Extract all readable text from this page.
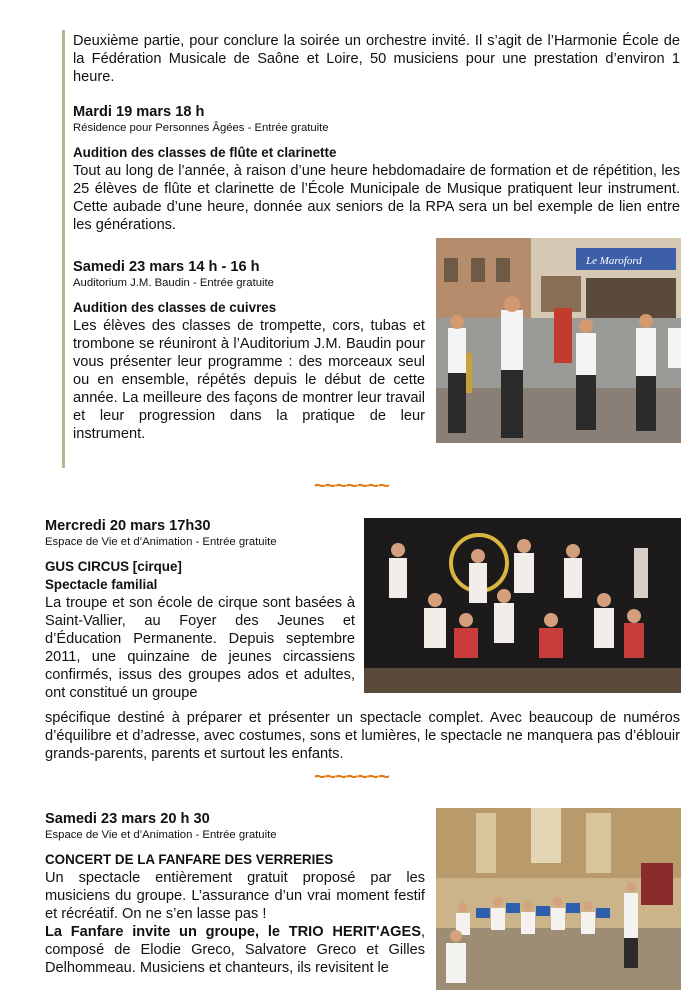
Deuxième partie, pour conclure la soirée un orchestre invité. Il s’agit de l’Harmonie École de la Fédération Musicale de Saône et Loire, 50 musiciens pour une prestation d’environ 1 heure.

Mardi 19 mars 18 h

Résidence pour Personnes Âgées - Entrée gratuite

Audition des classes de flûte et clarinette

Tout au long de l’année, à raison d’une heure hebdomadaire de formation et de répétition, les 25 élèves de flûte et clarinette de l’École Municipale de Musique pratiquent leur instrument. Cette aubade d’une heure, donnée aux seniors de la RPA sera un bel exemple de lien entre les générations.

Samedi 23 mars 14 h - 16 h

Auditorium J.M. Baudin - Entrée gratuite

Audition des classes de cuivres

Les élèves des classes de trompette, cors, tubas et trombone se réuniront à l’Auditorium J.M. Baudin pour vous présenter leur programme : des morceaux seul ou en ensemble, répétés depuis le début de cette année. La meilleure des façons de montrer leur travail et leur progression dans la pratique de leur instrument.

Le Maroford
~~~~~~~

Mercredi 20 mars 17h30

Espace de Vie et d’Animation - Entrée gratuite

GUS CIRCUS [cirque]

Spectacle familial

La troupe et son école de cirque sont basées à Saint-Vallier, au Foyer des Jeunes et d’Éducation Permanente. Depuis septembre 2011, une quinzaine de jeunes circassiens confirmés, issus des groupes ados et adultes, ont constitué un groupe

spécifique destiné à préparer et présenter un spectacle complet. Avec beaucoup de numéros d’équilibre et d’adresse, avec costumes, sons et lumières, le spectacle ne manquera pas d’éblouir grands-parents, parents et surtout les enfants.

~~~~~~~

Samedi 23 mars 20 h 30

Espace de Vie et d’Animation - Entrée gratuite

CONCERT DE LA FANFARE DES VERRERIES

Un spectacle entièrement gratuit proposé par les musiciens du groupe. L’assurance d’un vrai moment festif et récréatif. On ne s’en lasse pas !

La Fanfare invite un groupe, le TRIO HERIT'AGES, composé de Elodie Greco, Salvatore Greco et Gilles Delhommeau. Musiciens et chanteurs, ils revisitent le
